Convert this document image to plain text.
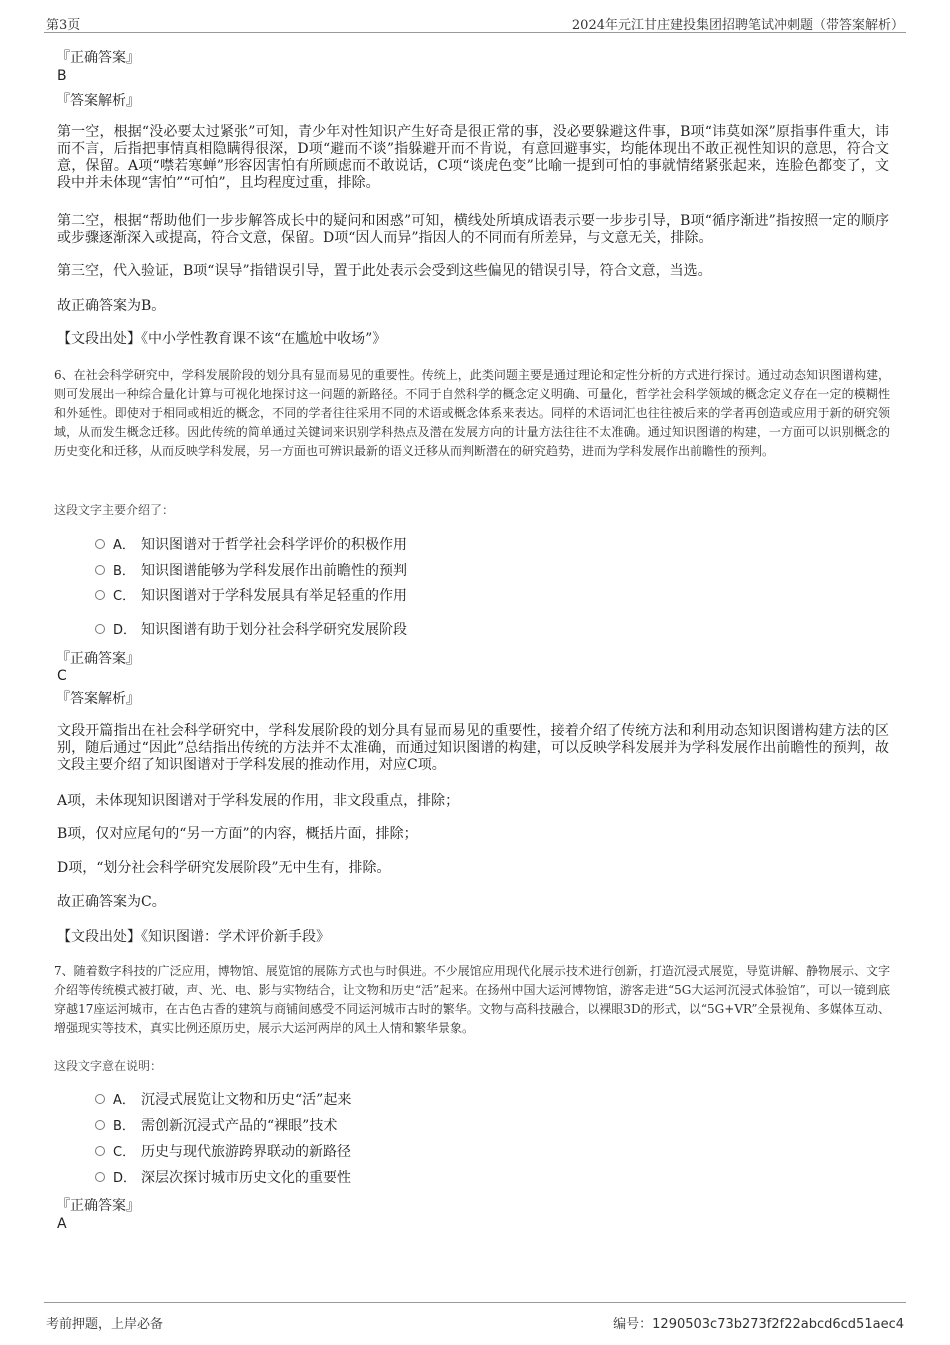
第3页	2024年元江甘庄建投集团招聘笔试冲刺题（带答案解析）
『正确答案』
B
『答案解析』
第一空，根据“没必要太过紧张”可知，青少年对性知识产生好奇是很正常的事，没必要躲避这件事，B项“讳莫如深”原指事件重大，讳而不言，后指把事情真相隐瞒得很深，D项“避而不谈”指躲避开而不肯说，有意回避事实，均能体现出不敢正视性知识的意思，符合文意，保留。A项“噤若寒蝉”形容因害怕有所顾虑而不敢说话，C项“谈虎色变”比喻一提到可怕的事就情绪紧张起来，连脸色都变了，文段中并未体现“害怕”“可怕”，且均程度过重，排除。
第二空，根据“帮助他们一步步解答成长中的疑问和困惑”可知，横线处所填成语表示要一步步引导，B项“循序渐进”指按照一定的顺序或步骤逐渐深入或提高，符合文意，保留。D项“因人而异”指因人的不同而有所差异，与文意无关，排除。
第三空，代入验证，B项“误导”指错误引导，置于此处表示会受到这些偏见的错误引导，符合文意，当选。
故正确答案为B。
【文段出处】《中小学性教育课不该“在尴尬中收场”》
6、在社会科学研究中，学科发展阶段的划分具有显而易见的重要性。传统上，此类问题主要是通过理论和定性分析的方式进行探讨。通过动态知识图谱构建，则可发展出一种综合量化计算与可视化地探讨这一问题的新路径。不同于自然科学的概念定义明确、可量化，哲学社会科学领域的概念定义存在一定的模糊性和外延性。即使对于相同或相近的概念，不同的学者往往采用不同的术语或概念体系来表达。同样的术语词汇也往往被后来的学者再创造或应用于新的研究领域，从而发生概念迁移。因此传统的简单通过关键词来识别学科热点及潜在发展方向的计量方法往往不太准确。通过知识图谱的构建，一方面可以识别概念的历史变化和迁移，从而反映学科发展，另一方面也可辨识最新的语义迁移从而判断潜在的研究趋势，进而为学科发展作出前瞻性的预判。
这段文字主要介绍了：
A． 知识图谱对于哲学社会科学评价的积极作用
B． 知识图谱能够为学科发展作出前瞻性的预判
C． 知识图谱对于学科发展具有举足轻重的作用
D． 知识图谱有助于划分社会科学研究发展阶段
『正确答案』
C
『答案解析』
文段开篇指出在社会科学研究中，学科发展阶段的划分具有显而易见的重要性，接着介绍了传统方法和利用动态知识图谱构建方法的区别，随后通过“因此”总结指出传统的方法并不太准确，而通过知识图谱的构建，可以反映学科发展并为学科发展作出前瞻性的预判，故文段主要介绍了知识图谱对于学科发展的推动作用，对应C项。
A项，未体现知识图谱对于学科发展的作用，非文段重点，排除；
B项，仅对应尾句的“另一方面”的内容，概括片面，排除；
D项，“划分社会科学研究发展阶段”无中生有，排除。
故正确答案为C。
【文段出处】《知识图谱：学术评价新手段》
7、随着数字科技的广泛应用，博物馆、展览馆的展陈方式也与时俱进。不少展馆应用现代化展示技术进行创新，打造沉浸式展览，导览讲解、静物展示、文字介绍等传统模式被打破，声、光、电、影与实物结合，让文物和历史“活”起来。在扬州中国大运河博物馆，游客走进“5G大运河沉浸式体验馆”，可以一镜到底穿越17座运河城市，在古色古香的建筑与商铺间感受不同运河城市古时的繁华。文物与高科技融合，以裸眼3D的形式，以“5G+VR”全景视角、多媒体互动、增强现实等技术，真实比例还原历史，展示大运河两岸的风土人情和繁华景象。
这段文字意在说明：
A． 沉浸式展览让文物和历史“活”起来
B． 需创新沉浸式产品的“裸眼”技术
C． 历史与现代旅游跨界联动的新路径
D． 深层次探讨城市历史文化的重要性
『正确答案』
A
考前押题，上岸必备	编号：1290503c73b273f2f22abcd6cd51aec4
